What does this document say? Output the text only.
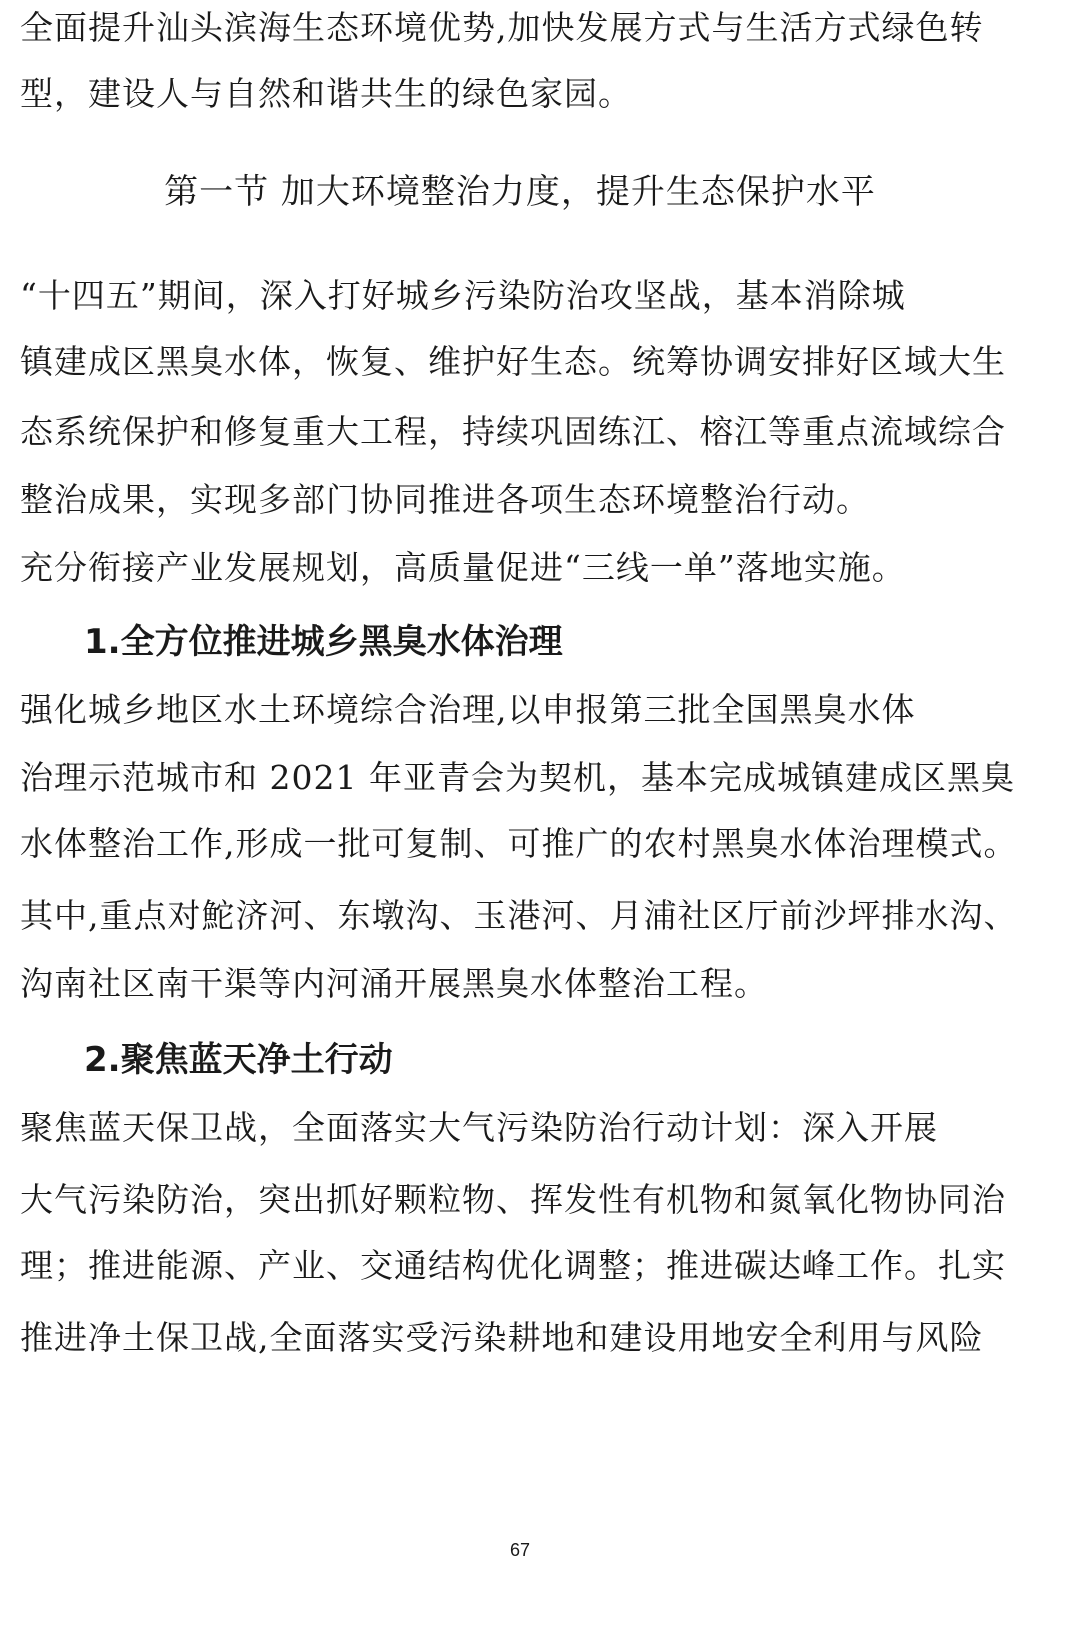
全面提升汕头滨海生态环境优势,加快发展方式与生活方式绿色转
型，建设人与自然和谐共生的绿色家园。
第一节 加大环境整治力度，提升生态保护水平
“十四五”期间，深入打好城乡污染防治攻坚战，基本消除城
镇建成区黑臭水体，恢复、维护好生态。统筹协调安排好区域大生
态系统保护和修复重大工程，持续巩固练江、榕江等重点流域综合
整治成果，实现多部门协同推进各项生态环境整治行动。
充分衔接产业发展规划，高质量促进“三线一单”落地实施。
1.全方位推进城乡黑臭水体治理
强化城乡地区水土环境综合治理,以申报第三批全国黑臭水体
治理示范城市和 2021 年亚青会为契机，基本完成城镇建成区黑臭
水体整治工作,形成一批可复制、可推广的农村黑臭水体治理模式。
其中,重点对鮀济河、东墩沟、玉港河、月浦社区厅前沙坪排水沟、
沟南社区南干渠等内河涌开展黑臭水体整治工程。
2.聚焦蓝天净土行动
聚焦蓝天保卫战，全面落实大气污染防治行动计划：深入开展
大气污染防治，突出抓好颗粒物、挥发性有机物和氮氧化物协同治
理；推进能源、产业、交通结构优化调整；推进碳达峰工作。扎实
推进净土保卫战,全面落实受污染耕地和建设用地安全利用与风险
67
